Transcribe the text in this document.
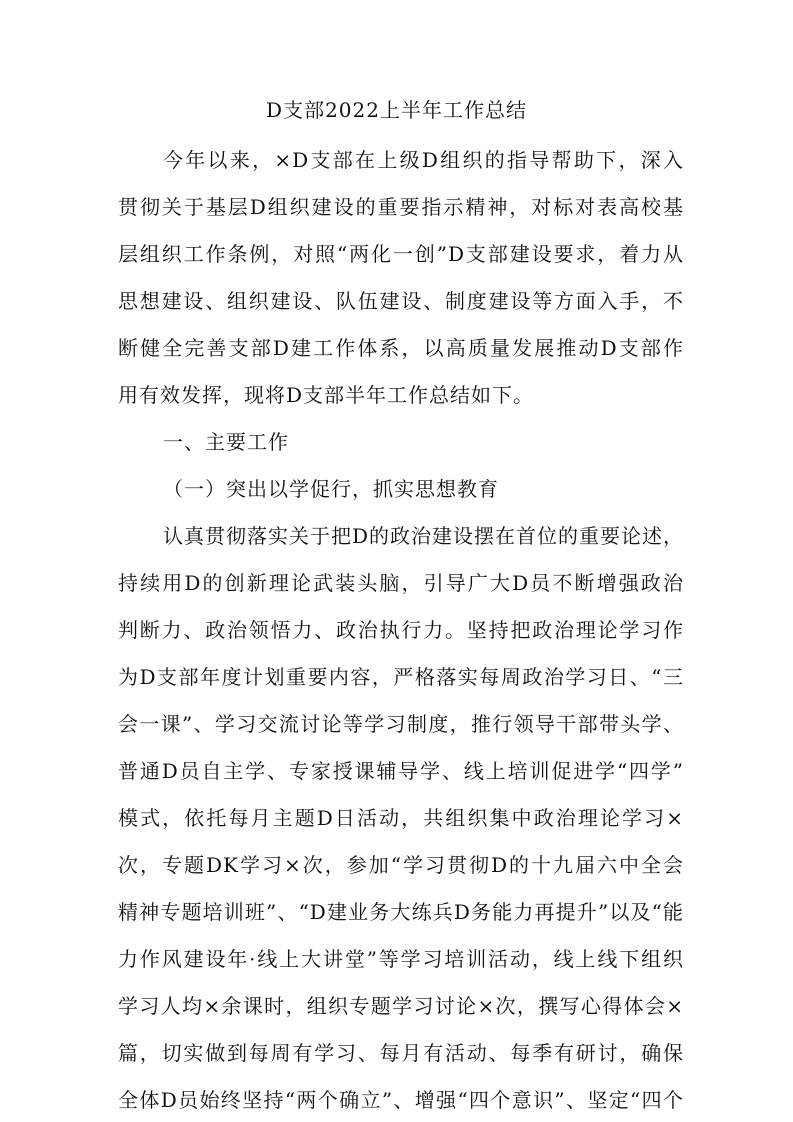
D支部2022上半年工作总结
今年以来，×D支部在上级D组织的指导帮助下，深入
贯彻关于基层D组织建设的重要指示精神，对标对表高校基
层组织工作条例，对照“两化一创”D支部建设要求，着力从
思想建设、组织建设、队伍建设、制度建设等方面入手，不
断健全完善支部D建工作体系，以高质量发展推动D支部作
用有效发挥，现将D支部半年工作总结如下。
一、主要工作
（一）突出以学促行，抓实思想教育
认真贯彻落实关于把D的政治建设摆在首位的重要论述，
持续用D的创新理论武装头脑，引导广大D员不断增强政治
判断力、政治领悟力、政治执行力。坚持把政治理论学习作
为D支部年度计划重要内容，严格落实每周政治学习日、“三
会一课”、学习交流讨论等学习制度，推行领导干部带头学、
普通D员自主学、专家授课辅导学、线上培训促进学“四学”
模式，依托每月主题D日活动，共组织集中政治理论学习×
次，专题DK学习×次，参加“学习贯彻D的十九届六中全会
精神专题培训班”、“D建业务大练兵D务能力再提升”以及“能
力作风建设年·线上大讲堂”等学习培训活动，线上线下组织
学习人均×余课时，组织专题学习讨论×次，撰写心得体会×
篇，切实做到每周有学习、每月有活动、每季有研讨，确保
全体D员始终坚持“两个确立”、增强“四个意识”、坚定“四个
